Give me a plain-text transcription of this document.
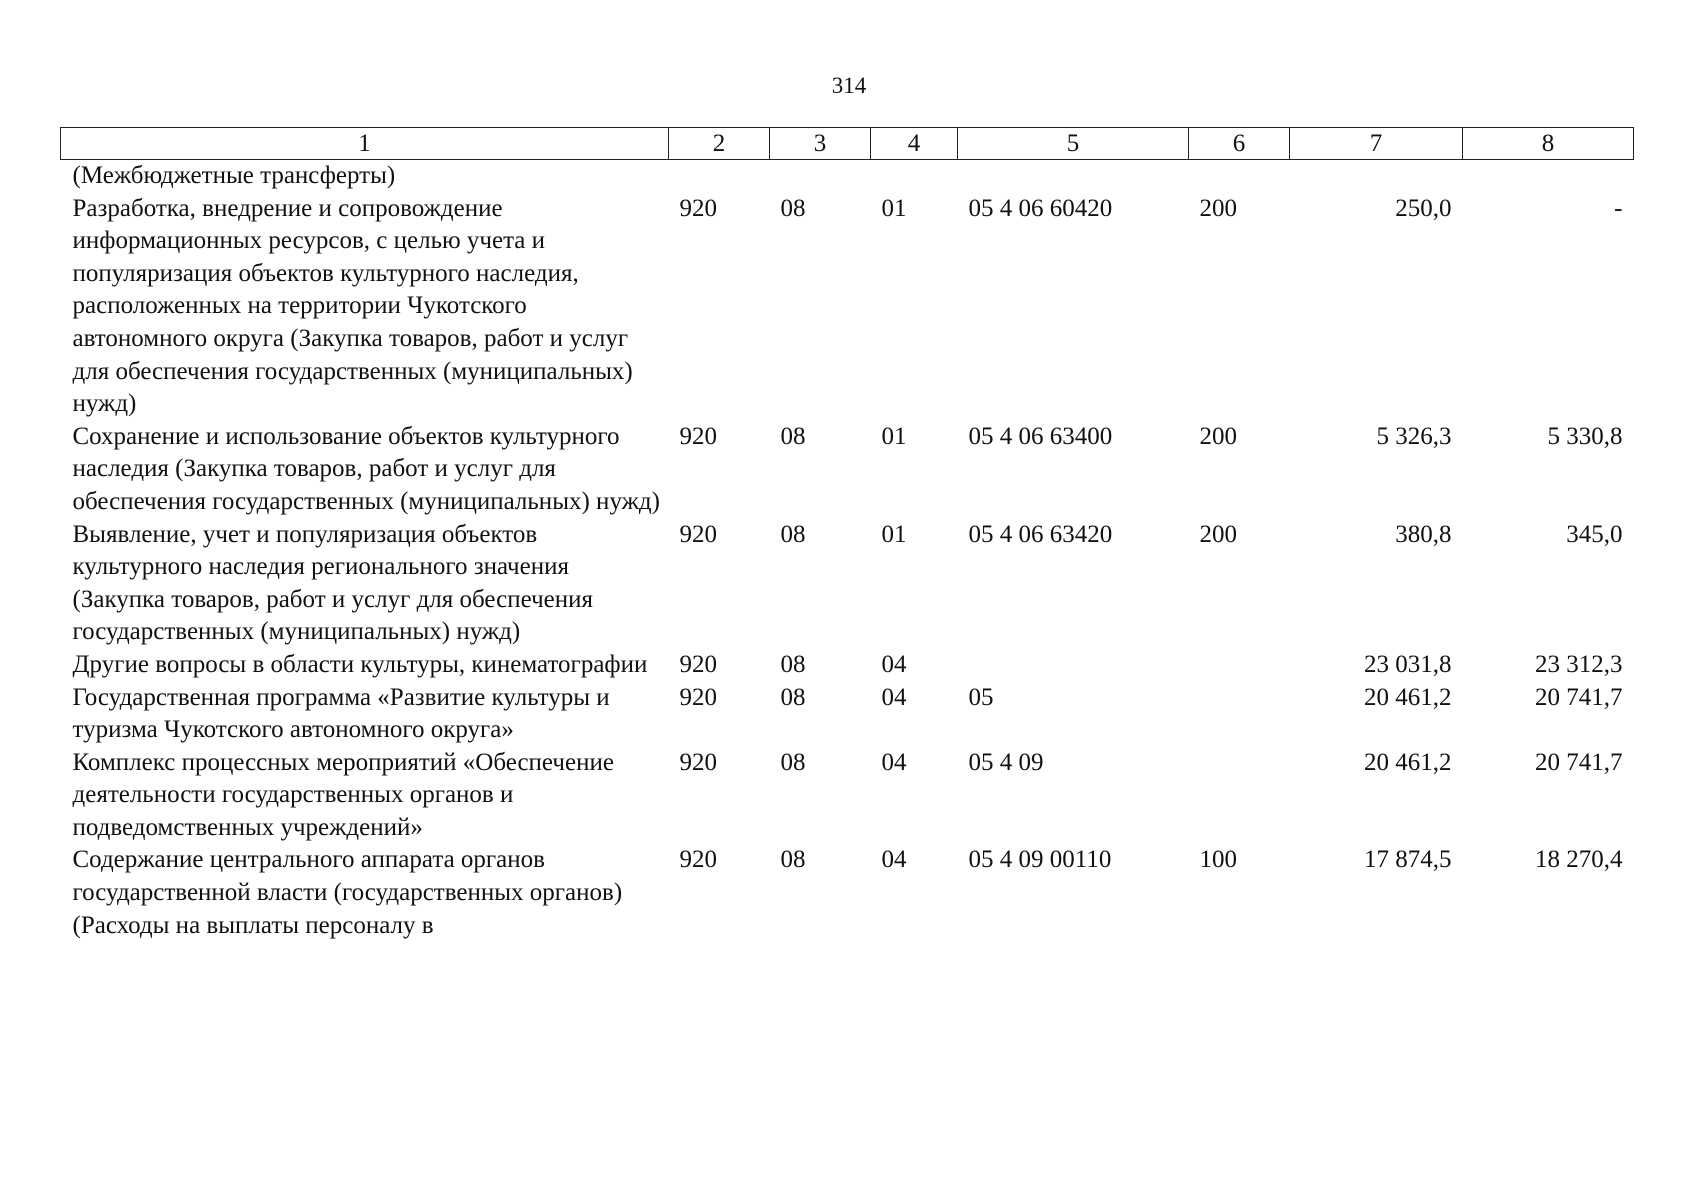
314
1	2	3	4	5	6	7	8
(Межбюджетные трансферты)							
Разработка, внедрение и сопровождение информационных ресурсов, с целью учета и популяризация объектов культурного наследия, расположенных на территории Чукотского автономного округа (Закупка товаров, работ и услуг для обеспечения государственных (муниципальных) нужд)	920	08	01	05 4 06 60420	200	250,0	-
Сохранение и использование объектов культурного наследия (Закупка товаров, работ и услуг для обеспечения государственных (муниципальных) нужд)	920	08	01	05 4 06 63400	200	5 326,3	5 330,8
Выявление, учет и популяризация объектов культурного наследия регионального значения (Закупка товаров, работ и услуг для обеспечения государственных (муниципальных) нужд)	920	08	01	05 4 06 63420	200	380,8	345,0
Другие вопросы в области культуры, кинематографии	920	08	04			23 031,8	23 312,3
Государственная программа «Развитие культуры и туризма Чукотского автономного округа»	920	08	04	05		20 461,2	20 741,7
Комплекс процессных мероприятий «Обеспечение деятельности государственных органов и подведомственных учреждений»	920	08	04	05 4 09		20 461,2	20 741,7
Содержание центрального аппарата органов государственной власти (государственных органов) (Расходы на выплаты персоналу в	920	08	04	05 4 09 00110	100	17 874,5	18 270,4
